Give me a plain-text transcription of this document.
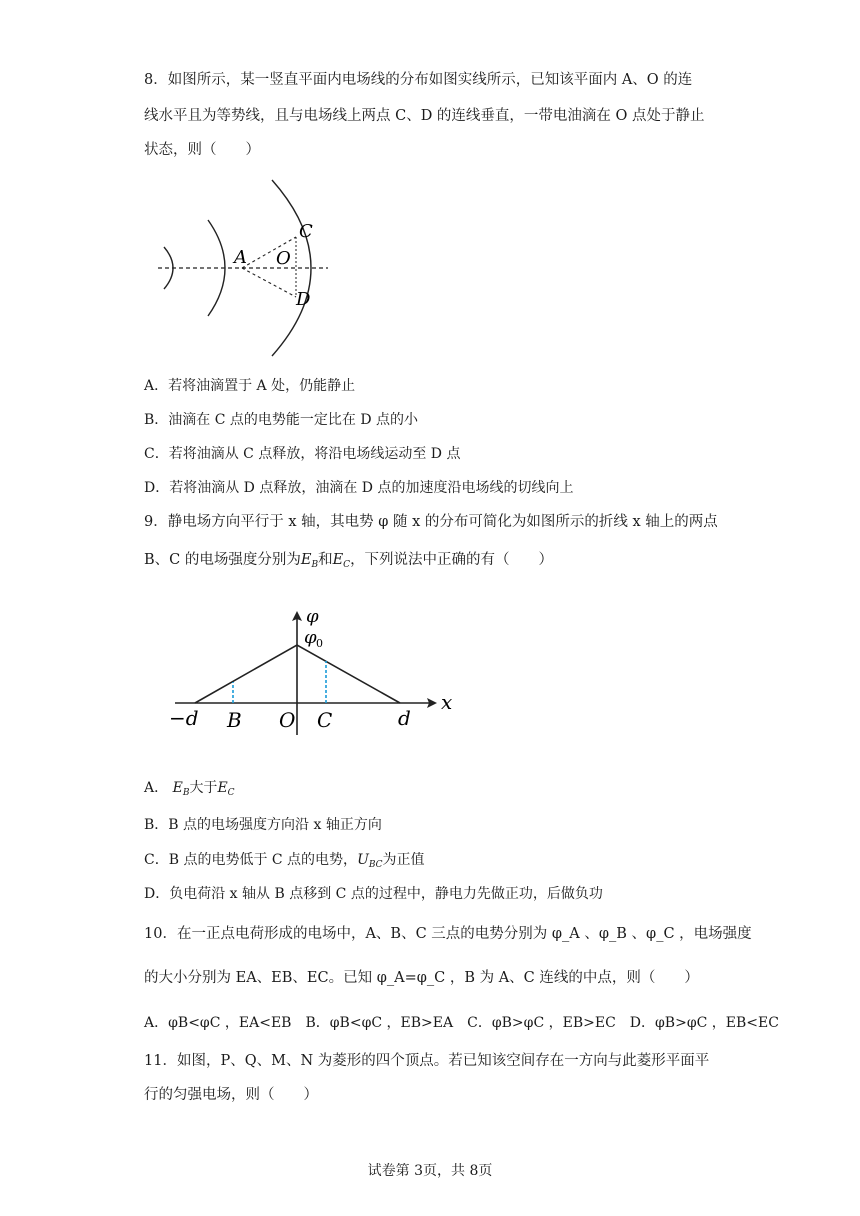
8．如图所示，某一竖直平面内电场线的分布如图实线所示，已知该平面内 A、O 的连
线水平且为等势线，且与电场线上两点 C、D 的连线垂直，一带电油滴在 O 点处于静止
状态，则（　　）
A O
C
D
A．若将油滴置于 A 处，仍能静止
B．油滴在 C 点的电势能一定比在 D 点的小
C．若将油滴从 C 点释放，将沿电场线运动至 D 点
D．若将油滴从 D 点释放，油滴在 D 点的加速度沿电场线的切线向上
9．静电场方向平行于 x 轴，其电势 φ 随 x 的分布可简化为如图所示的折线 x 轴上的两点
B、C 的电场强度分别为$E_B$和$E_C$，下列说法中正确的有（　　）
φ
φ 0
x
−d B O C	d
A． $E_B$大于$E_C$
B．B 点的电场强度方向沿 x 轴正方向
C．B 点的电势低于 C 点的电势，$U_{BC}$为正值
D．负电荷沿 x 轴从 B 点移到 C 点的过程中，静电力先做正功，后做负功
10．在一正点电荷形成的电场中，A、B、C 三点的电势分别为 φ_A 、φ_B 、φ_C ，电场强度
的大小分别为 EA、EB、EC。已知 φ_A=φ_C ，B 为 A、C 连线的中点，则（　　）
A．φB<φC ，EA<EB　B．φB<φC ，EB>EA　C．φB>φC ，EB>EC　D．φB>φC ，EB<EC
11．如图，P、Q、M、N 为菱形的四个顶点。若已知该空间存在一方向与此菱形平面平
行的匀强电场，则（　　）
试卷第 3页，共 8页
